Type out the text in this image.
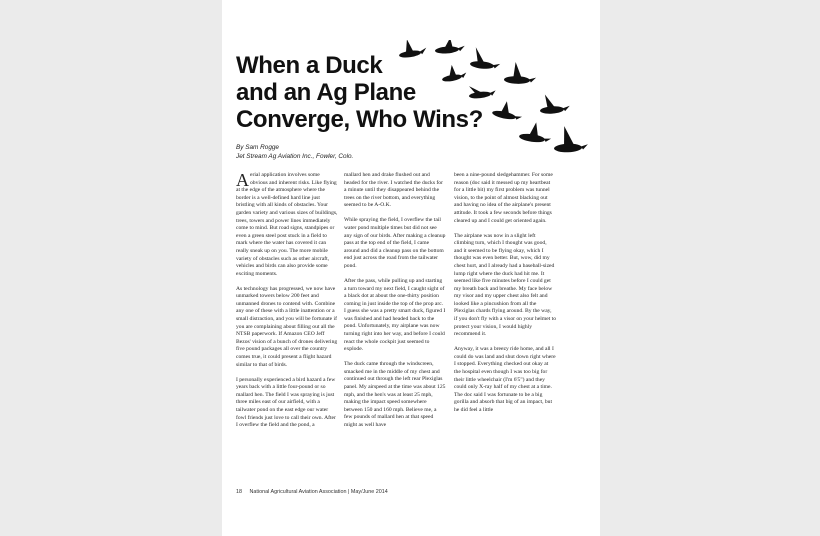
When a Duck
and an Ag Plane
Converge, Who Wins?
By Sam Rogge
Jet Stream Ag Aviation Inc., Fowler, Colo.

Aerial application involves some obvious and inherent risks. Like flying at the edge of the atmosphere where the border is a well-defined hard line just bristling with all kinds of obstacles. Your garden variety and various sizes of buildings, trees, towers and power lines immediately come to mind. But road signs, standpipes or even a green steel post stuck in a field to mark where the water has covered it can really sneak up on you. The more mobile variety of obstacles such as other aircraft, vehicles and birds can also provide some exciting moments.

As technology has progressed, we now have unmarked towers below 200 feet and unmanned drones to contend with. Combine any one of these with a little inattention or a small distraction, and you will be fortunate if you are complaining about filling out all the NTSB paperwork. If Amazon CEO Jeff Bezos' vision of a bunch of drones delivering five pound packages all over the country comes true, it could present a flight hazard similar to that of birds.

I personally experienced a bird hazard a few years back with a little four-pound or so mallard hen. The field I was spraying is just three miles east of our airfield, with a tailwater pond on the east edge our water fowl friends just love to call their own. After I overflew the field and the pond, a

mallard hen and drake flushed out and headed for the river. I watched the ducks for a minute until they disappeared behind the trees on the river bottom, and everything seemed to be A-O.K.

While spraying the field, I overflew the tail water pond multiple times but did not see any sign of our birds. After making a cleanup pass at the top end of the field, I came around and did a cleanup pass on the bottom end just across the road from the tailwater pond.

After the pass, while pulling up and starting a turn toward my next field, I caught sight of a black dot at about the one-thirty position coming in just inside the top of the prop arc. I guess she was a pretty smart duck, figured I was finished and had headed back to the pond. Unfortunately, my airplane was now turning right into her way, and before I could react the whole cockpit just seemed to explode.

The duck came through the windscreen, smacked me in the middle of my chest and continued out through the left rear Plexiglas panel. My airspeed at the time was about 125 mph, and the hen's was at least 25 mph, making the impact speed somewhere between 150 and 160 mph. Believe me, a few pounds of mallard hen at that speed might as well have

been a nine-pound sledgehammer. For some reason (doc said it messed up my heartbeat for a little bit) my first problem was tunnel vision, to the point of almost blacking out and having no idea of the airplane's present attitude. It took a few seconds before things cleared up and I could get oriented again.

The airplane was now in a slight left climbing turn, which I thought was good, and it seemed to be flying okay, which I thought was even better. But, wow, did my chest hurt, and I already had a baseball-sized lump right where the duck had hit me. It seemed like five minutes before I could get my breath back and breathe. My face below my visor and my upper chest also felt and looked like a pincushion from all the Plexiglas chards flying around. By the way, if you don't fly with a visor on your helmet to protect your vision, I would highly recommend it.

Anyway, it was a breezy ride home, and all I could do was land and shut down right where I stopped. Everything checked out okay at the hospital even though I was too big for their little wheelchair (I'm 6'5") and they could only X-ray half of my chest at a time. The doc said I was fortunate to be a big gorilla and absorb that big of an impact, but he did feel a little

18 National Agricultural Aviation Association | May/June 2014
